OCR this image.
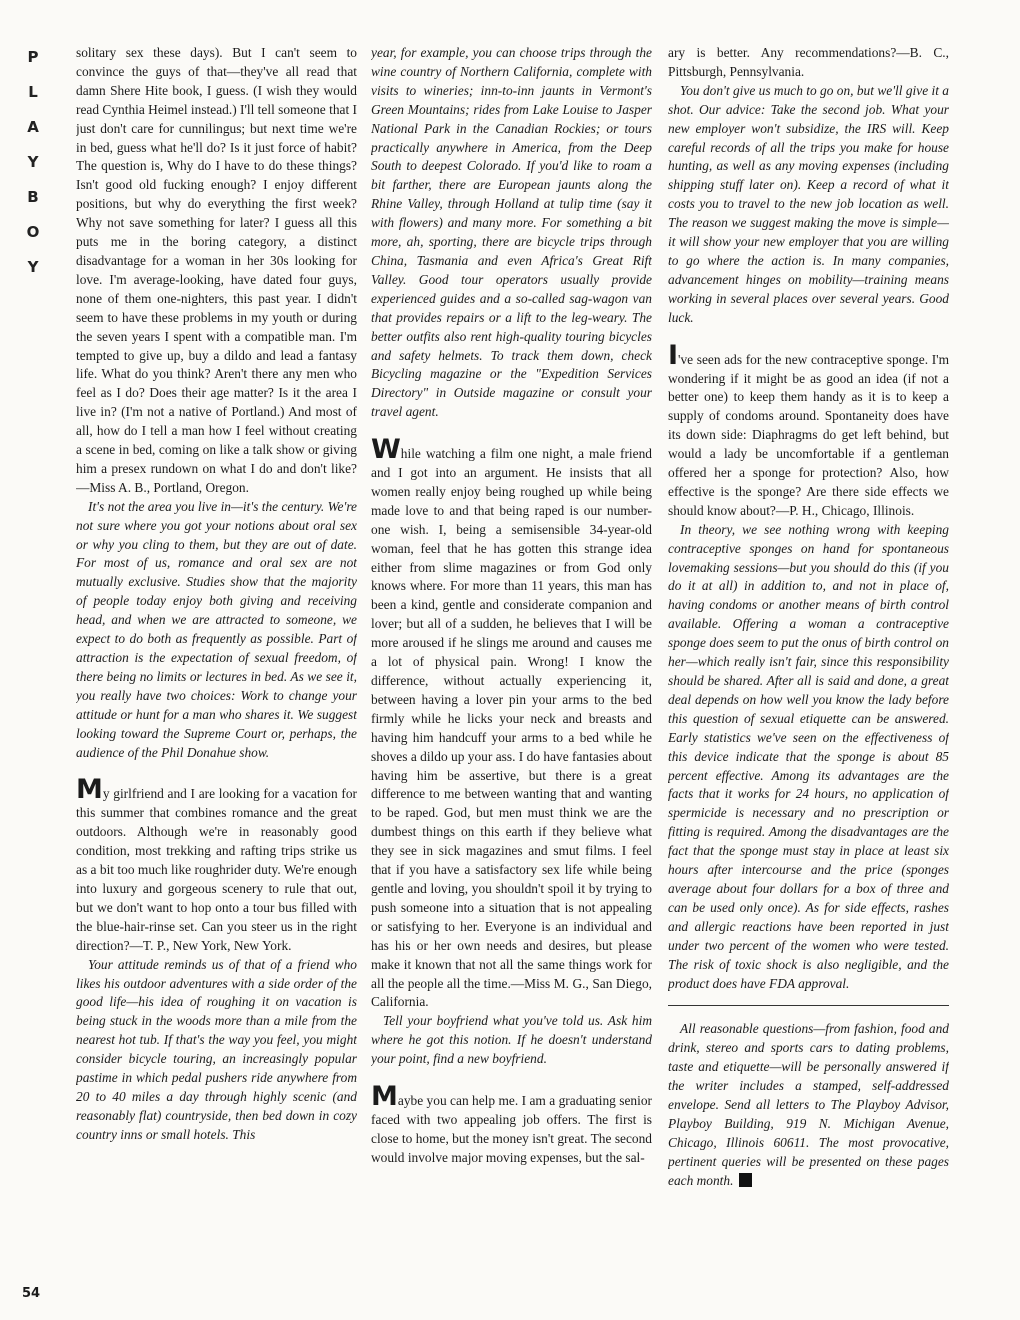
P
L
A
Y
B
O
Y
54

solitary sex these days). But I can't seem to convince the guys of that—they've all read that damn Shere Hite book, I guess. (I wish they would read Cynthia Heimel instead.) I'll tell someone that I just don't care for cunnilingus; but next time we're in bed, guess what he'll do? Is it just force of habit? The question is, Why do I have to do these things? Isn't good old fucking enough? I enjoy different positions, but why do everything the first week? Why not save something for later? I guess all this puts me in the boring category, a distinct disadvantage for a woman in her 30s looking for love. I'm average-looking, have dated four guys, none of them one-nighters, this past year. I didn't seem to have these problems in my youth or during the seven years I spent with a compatible man. I'm tempted to give up, buy a dildo and lead a fantasy life. What do you think? Aren't there any men who feel as I do? Does their age matter? Is it the area I live in? (I'm not a native of Portland.) And most of all, how do I tell a man how I feel without creating a scene in bed, coming on like a talk show or giving him a presex rundown on what I do and don't like?—Miss A. B., Portland, Oregon.

It's not the area you live in—it's the century. We're not sure where you got your notions about oral sex or why you cling to them, but they are out of date. For most of us, romance and oral sex are not mutually exclusive. Studies show that the majority of people today enjoy both giving and receiving head, and when we are attracted to someone, we expect to do both as frequently as possible. Part of attraction is the expectation of sexual freedom, of there being no limits or lectures in bed. As we see it, you really have two choices: Work to change your attitude or hunt for a man who shares it. We suggest looking toward the Supreme Court or, perhaps, the audience of the Phil Donahue show.

My girlfriend and I are looking for a vacation for this summer that combines romance and the great outdoors. Although we're in reasonably good condition, most trekking and rafting trips strike us as a bit too much like roughrider duty. We're enough into luxury and gorgeous scenery to rule that out, but we don't want to hop onto a tour bus filled with the blue-hair-rinse set. Can you steer us in the right direction?—T. P., New York, New York.

Your attitude reminds us of that of a friend who likes his outdoor adventures with a side order of the good life—his idea of roughing it on vacation is being stuck in the woods more than a mile from the nearest hot tub. If that's the way you feel, you might consider bicycle touring, an increasingly popular pastime in which pedal pushers ride anywhere from 20 to 40 miles a day through highly scenic (and reasonably flat) countryside, then bed down in cozy country inns or small hotels. This

year, for example, you can choose trips through the wine country of Northern California, complete with visits to wineries; inn-to-inn jaunts in Vermont's Green Mountains; rides from Lake Louise to Jasper National Park in the Canadian Rockies; or tours practically anywhere in America, from the Deep South to deepest Colorado. If you'd like to roam a bit farther, there are European jaunts along the Rhine Valley, through Holland at tulip time (say it with flowers) and many more. For something a bit more, ah, sporting, there are bicycle trips through China, Tasmania and even Africa's Great Rift Valley. Good tour operators usually provide experienced guides and a so-called sag-wagon van that provides repairs or a lift to the leg-weary. The better outfits also rent high-quality touring bicycles and safety helmets. To track them down, check Bicycling magazine or the "Expedition Services Directory" in Outside magazine or consult your travel agent.

While watching a film one night, a male friend and I got into an argument. He insists that all women really enjoy being roughed up while being made love to and that being raped is our number-one wish. I, being a semisensible 34-year-old woman, feel that he has gotten this strange idea either from slime magazines or from God only knows where. For more than 11 years, this man has been a kind, gentle and considerate companion and lover; but all of a sudden, he believes that I will be more aroused if he slings me around and causes me a lot of physical pain. Wrong! I know the difference, without actually experiencing it, between having a lover pin your arms to the bed firmly while he licks your neck and breasts and having him handcuff your arms to a bed while he shoves a dildo up your ass. I do have fantasies about having him be assertive, but there is a great difference to me between wanting that and wanting to be raped. God, but men must think we are the dumbest things on this earth if they believe what they see in sick magazines and smut films. I feel that if you have a satisfactory sex life while being gentle and loving, you shouldn't spoil it by trying to push someone into a situation that is not appealing or satisfying to her. Everyone is an individual and has his or her own needs and desires, but please make it known that not all the same things work for all the people all the time.—Miss M. G., San Diego, California.

Tell your boyfriend what you've told us. Ask him where he got this notion. If he doesn't understand your point, find a new boyfriend.

Maybe you can help me. I am a graduating senior faced with two appealing job offers. The first is close to home, but the money isn't great. The second would involve major moving expenses, but the sal-

ary is better. Any recommendations?—B. C., Pittsburgh, Pennsylvania.

You don't give us much to go on, but we'll give it a shot. Our advice: Take the second job. What your new employer won't subsidize, the IRS will. Keep careful records of all the trips you make for house hunting, as well as any moving expenses (including shipping stuff later on). Keep a record of what it costs you to travel to the new job location as well. The reason we suggest making the move is simple—it will show your new employer that you are willing to go where the action is. In many companies, advancement hinges on mobility—training means working in several places over several years. Good luck.

I've seen ads for the new contraceptive sponge. I'm wondering if it might be as good an idea (if not a better one) to keep them handy as it is to keep a supply of condoms around. Spontaneity does have its down side: Diaphragms do get left behind, but would a lady be uncomfortable if a gentleman offered her a sponge for protection? Also, how effective is the sponge? Are there side effects we should know about?—P. H., Chicago, Illinois.

In theory, we see nothing wrong with keeping contraceptive sponges on hand for spontaneous lovemaking sessions—but you should do this (if you do it at all) in addition to, and not in place of, having condoms or another means of birth control available. Offering a woman a contraceptive sponge does seem to put the onus of birth control on her—which really isn't fair, since this responsibility should be shared. After all is said and done, a great deal depends on how well you know the lady before this question of sexual etiquette can be answered. Early statistics we've seen on the effectiveness of this device indicate that the sponge is about 85 percent effective. Among its advantages are the facts that it works for 24 hours, no application of spermicide is necessary and no prescription or fitting is required. Among the disadvantages are the fact that the sponge must stay in place at least six hours after intercourse and the price (sponges average about four dollars for a box of three and can be used only once). As for side effects, rashes and allergic reactions have been reported in just under two percent of the women who were tested. The risk of toxic shock is also negligible, and the product does have FDA approval.

All reasonable questions—from fashion, food and drink, stereo and sports cars to dating problems, taste and etiquette—will be personally answered if the writer includes a stamped, self-addressed envelope. Send all letters to The Playboy Advisor, Playboy Building, 919 N. Michigan Avenue, Chicago, Illinois 60611. The most provocative, pertinent queries will be presented on these pages each month.
